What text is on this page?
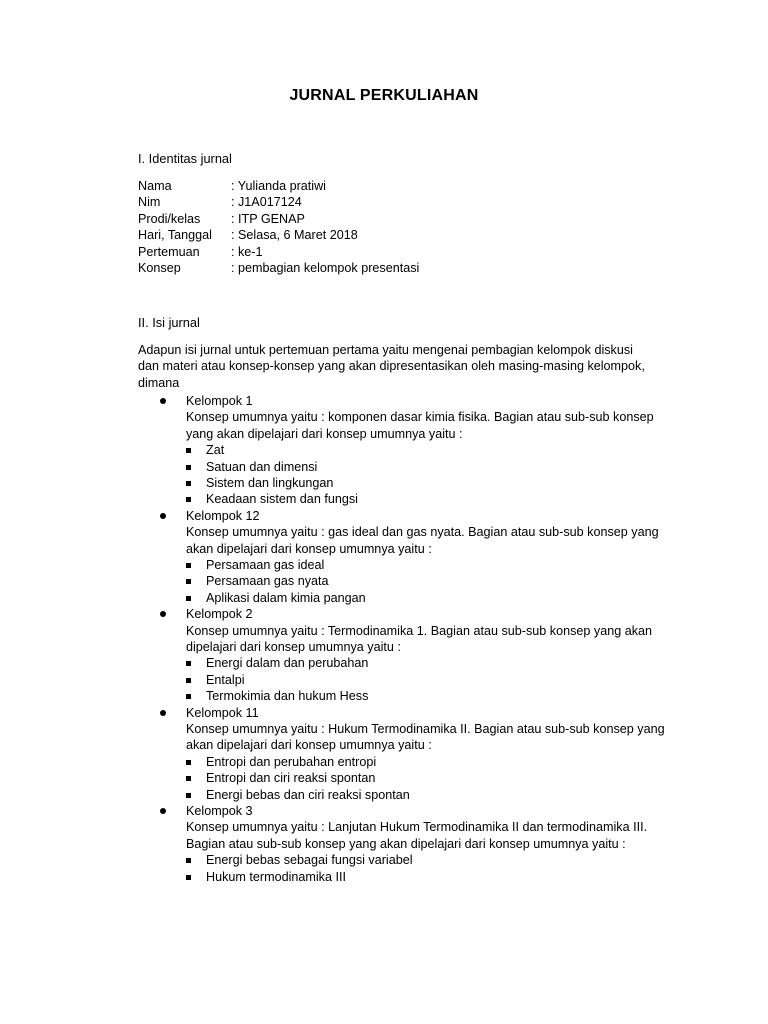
JURNAL PERKULIAHAN
I. Identitas jurnal
Nama	: Yulianda pratiwi
Nim	: J1A017124
Prodi/kelas	: ITP GENAP
Hari, Tanggal	: Selasa, 6 Maret 2018
Pertemuan	: ke-1
Konsep	: pembagian kelompok presentasi
II. Isi jurnal
Adapun isi jurnal untuk pertemuan pertama yaitu mengenai pembagian kelompok diskusi
dan materi atau konsep-konsep yang akan dipresentasikan oleh masing-masing kelompok,
dimana
Kelompok 1
Konsep umumnya yaitu : komponen dasar kimia fisika. Bagian atau sub-sub konsep
yang akan dipelajari dari konsep umumnya yaitu :
Zat
Satuan dan dimensi
Sistem dan lingkungan
Keadaan sistem dan fungsi
Kelompok 12
Konsep umumnya yaitu : gas ideal dan gas nyata. Bagian atau sub-sub konsep yang
akan dipelajari dari konsep umumnya yaitu :
Persamaan gas ideal
Persamaan gas nyata
Aplikasi dalam kimia pangan
Kelompok 2
Konsep umumnya yaitu : Termodinamika 1. Bagian atau sub-sub konsep yang akan
dipelajari dari konsep umumnya yaitu :
Energi dalam dan perubahan
Entalpi
Termokimia dan hukum Hess
Kelompok 11
Konsep umumnya yaitu : Hukum Termodinamika II. Bagian atau sub-sub konsep yang
akan dipelajari dari konsep umumnya yaitu :
Entropi dan perubahan entropi
Entropi dan ciri reaksi spontan
Energi bebas dan ciri reaksi spontan
Kelompok 3
Konsep umumnya yaitu : Lanjutan Hukum Termodinamika II dan termodinamika III.
Bagian atau sub-sub konsep yang akan dipelajari dari konsep umumnya yaitu :
Energi bebas sebagai fungsi variabel
Hukum termodinamika III
